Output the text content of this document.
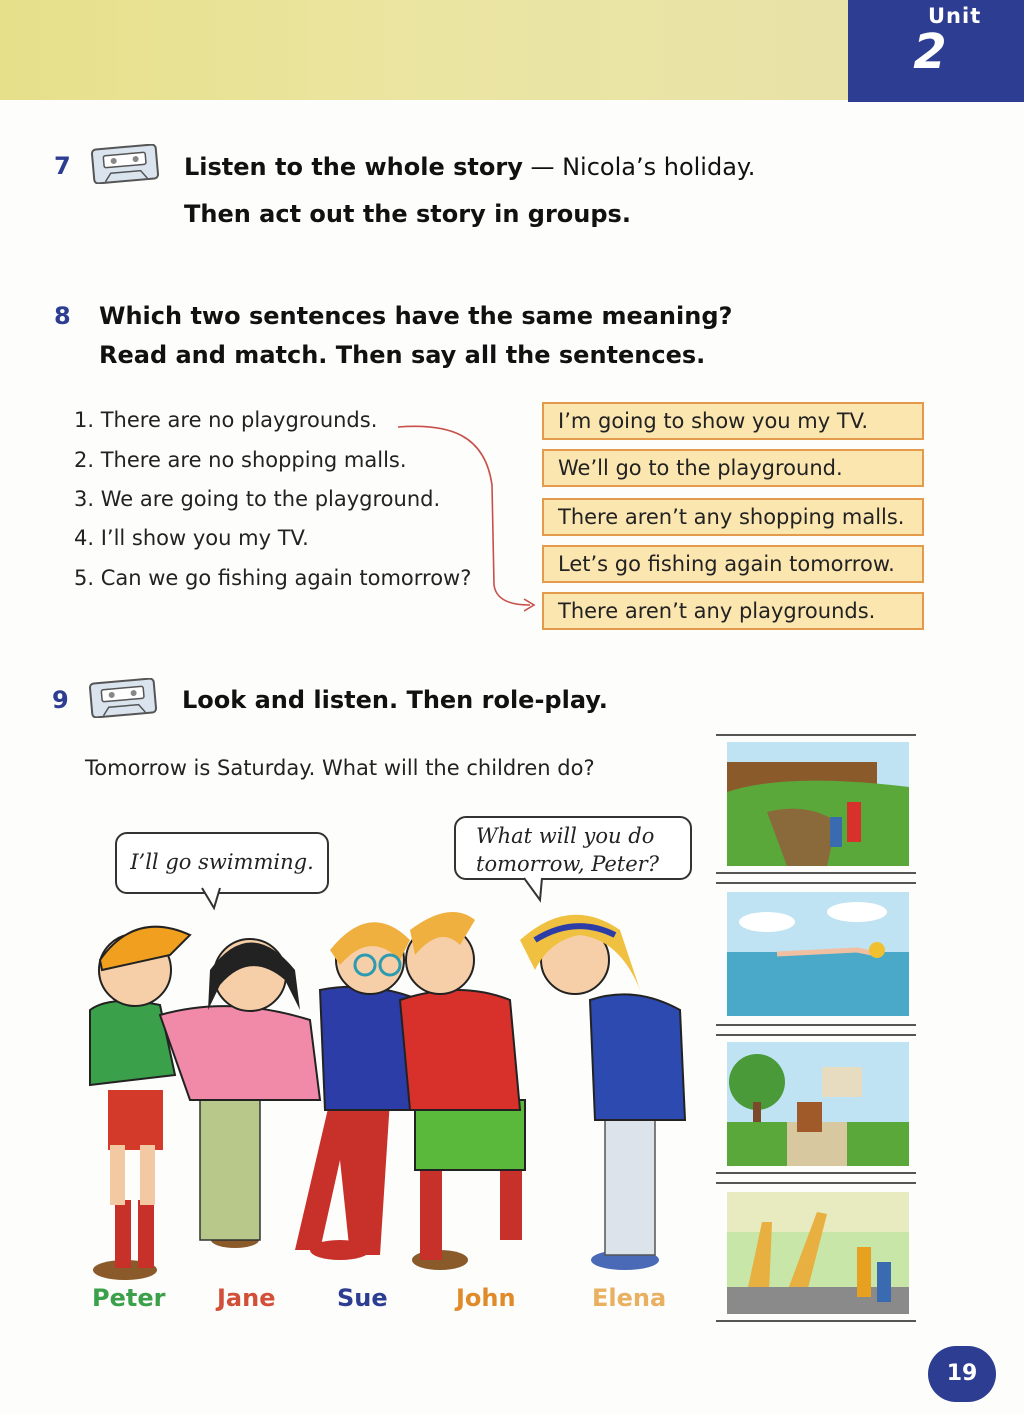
Unit
2
7	Listen to the whole story — Nicola’s holiday.
Then act out the story in groups.
8 Which two sentences have the same meaning?
Read and match. Then say all the sentences.
1. There are no playgrounds.
2. There are no shopping malls.
3. We are going to the playground.
4. I’ll show you my TV.
5. Can we go fishing again tomorrow?
I’m going to show you my TV.
We’ll go to the playground.
There aren’t any shopping malls.
Let’s go fishing again tomorrow.
There aren’t any playgrounds.
9	Look and listen. Then role-play.
Tomorrow is Saturday. What will the children do?
I’ll go swimming.
What will you do
tomorrow, Peter?
Peter Jane	Sue	John	Elena
19
